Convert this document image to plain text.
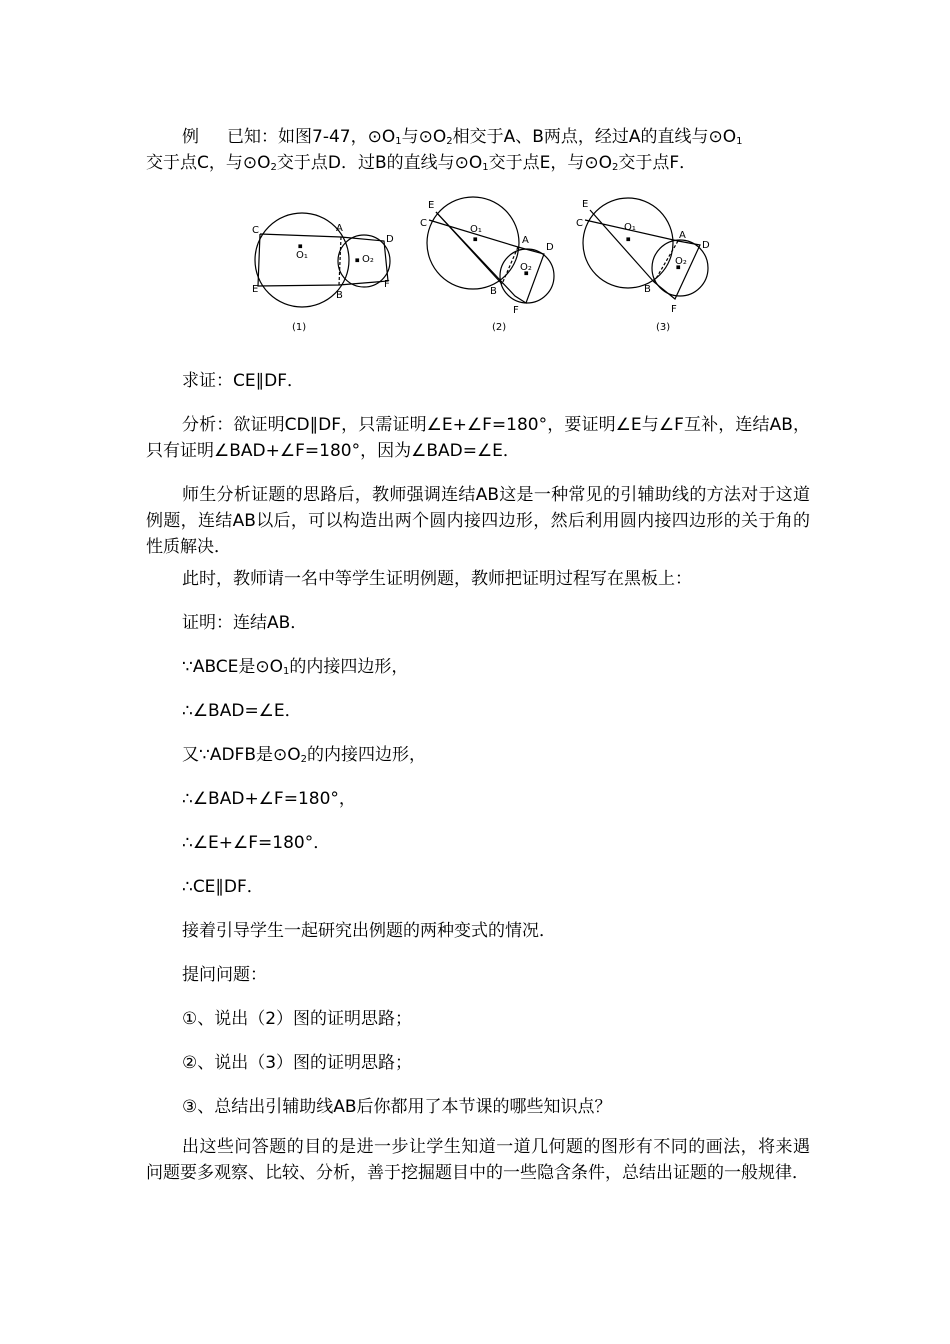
例 已知：如图7-47，$⊙O_1$与$⊙O_2$相交于A、B两点，经过A的直线与$⊙O_1$

交于点C，与$⊙O_2$交于点D．过B的直线与$⊙O_1$交于点E，与$⊙O_2$交于点F．

C	A
D
E
B
F
O₁	O₂
(1)
E
C
O₁
A
D
O₂
B
F
(2)
E
C	O₁
A
D
O₂
B
F
(3)

求证：CE∥DF．

分析：欲证明CD∥DF，只需证明∠E+∠F=180°，要证明∠E与∠F互补，连结AB，只有证明∠BAD+∠F=180°，因为∠BAD=∠E．

师生分析证题的思路后，教师强调连结AB这是一种常见的引辅助线的方法对于这道例题，连结AB以后，可以构造出两个圆内接四边形，然后利用圆内接四边形的关于角的性质解决．

此时，教师请一名中等学生证明例题，教师把证明过程写在黑板上：

证明：连结AB．

∵ABCE是$⊙O_1$的内接四边形，

∴∠BAD=∠E．

又∵ADFB是$⊙O_2$的内接四边形，

∴∠BAD+∠F=180°，

∴∠E+∠F=180°．

∴CE∥DF．

接着引导学生一起研究出例题的两种变式的情况．

提问问题：

①、说出（2）图的证明思路；

②、说出（3）图的证明思路；

③、总结出引辅助线AB后你都用了本节课的哪些知识点？

出这些问答题的目的是进一步让学生知道一道几何题的图形有不同的画法，将来遇问题要多观察、比较、分析，善于挖掘题目中的一些隐含条件，总结出证题的一般规律．
